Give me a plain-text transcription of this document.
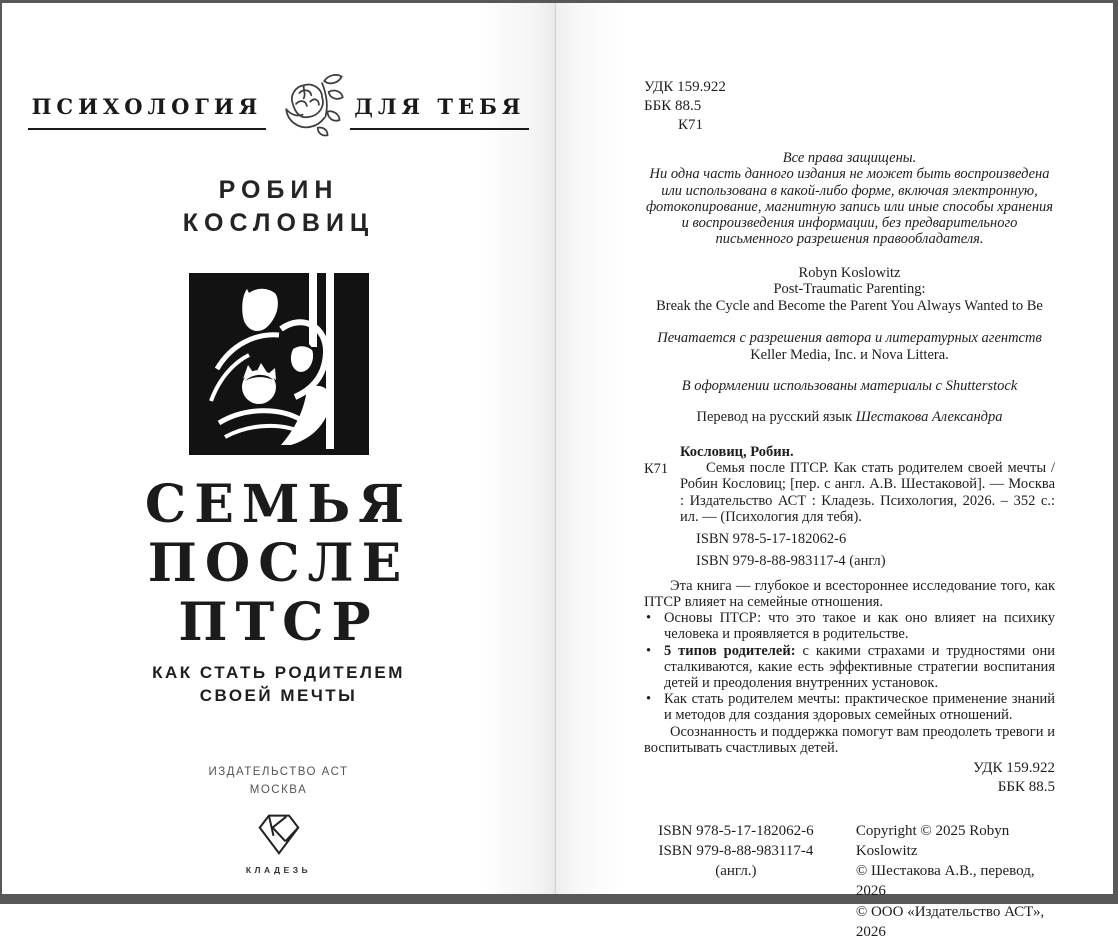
ПСИХОЛОГИЯ	ДЛЯ ТЕБЯ
РОБИН
КОСЛОВИЦ
СЕМЬЯ
ПОСЛЕ
ПТСР
КАК СТАТЬ РОДИТЕЛЕМ
СВОЕЙ МЕЧТЫ
ИЗДАТЕЛЬСТВО АСТ
МОСКВА
КЛАДЕЗЬ
УДК 159.922
ББК 88.5
К71
Все права защищены.
Ни одна часть данного издания не может быть воспроизведена или использована в какой-либо форме, включая электронную, фотокопирование, магнитную запись или иные способы хранения и воспроизведения информации, без предварительного письменного разрешения правообладателя.
Robyn Koslowitz
Post-Traumatic Parenting:
Break the Cycle and Become the Parent You Always Wanted to Be
Печатается с разрешения автора и литературных агентств
Keller Media, Inc. и Nova Littera.
В оформлении использованы материалы с Shutterstock
Перевод на русский язык Шестакова Александра
Кословиц, Робин.
К71	Семья после ПТСР. Как стать родителем своей мечты / Робин Кословиц; [пер. с англ. А.В. Шестаковой]. — Москва : Издательство АСТ : Кладезь. Психология, 2026. – 352 с.: ил. — (Психология для тебя).
ISBN 978-5-17-182062-6
ISBN 979-8-88-983117-4 (англ)

Эта книга — глубокое и всестороннее исследование того, как ПТСР влияет на семейные отношения.

• Основы ПТСР: что это такое и как оно влияет на психику человека и проявляется в родительстве.
• 5 типов родителей: с какими страхами и трудностями они сталкиваются, какие есть эффективные стратегии воспитания детей и преодоления внутренних установок.
• Как стать родителем мечты: практическое применение знаний и методов для создания здоровых семейных отношений.

Осознанность и поддержка помогут вам преодолеть тревоги и воспитывать счастливых детей.

УДК 159.922
ББК 88.5
ISBN 978-5-17-182062-6
ISBN 979-8-88-983117-4
(англ.)
Copyright © 2025 Robyn Koslowitz
© Шестакова А.В., перевод, 2026
© ООО «Издательство АСТ», 2026
